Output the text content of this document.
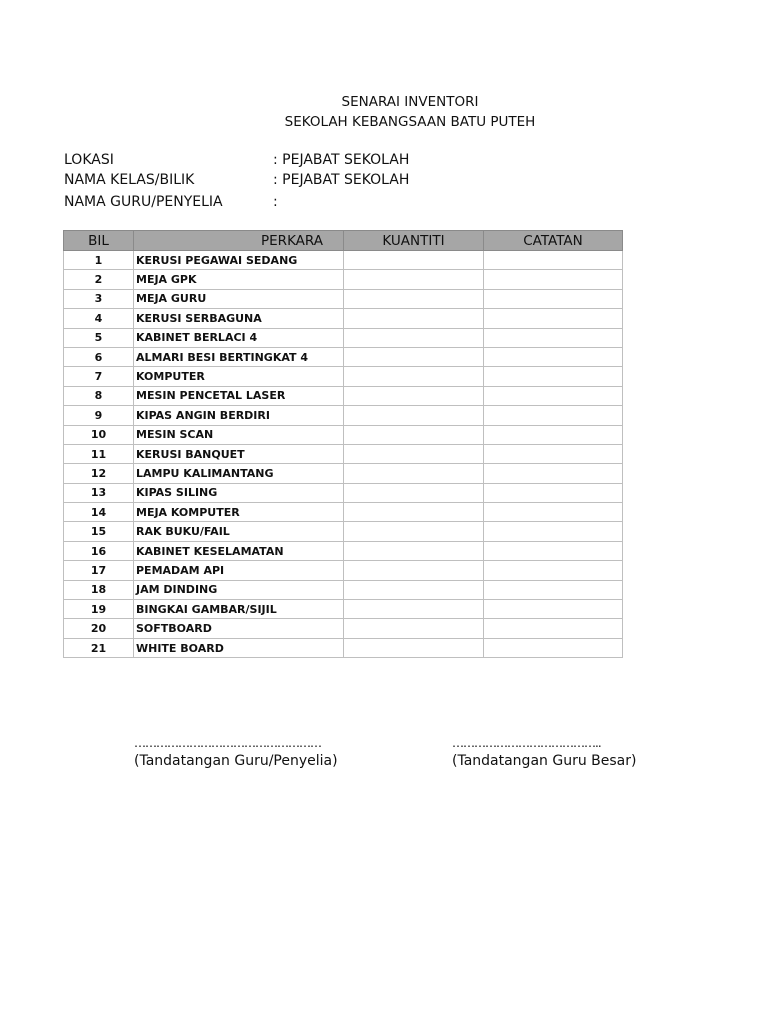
SENARAI INVENTORI
SEKOLAH KEBANGSAAN BATU PUTEH
LOKASI	: PEJABAT SEKOLAH
NAMA KELAS/BILIK	: PEJABAT SEKOLAH
NAMA GURU/PENYELIA	:
BIL	PERKARA	KUANTITI	CATATAN
1	KERUSI PEGAWAI SEDANG		
2	MEJA GPK		
3	MEJA GURU		
4	KERUSI SERBAGUNA		
5	KABINET BERLACI 4		
6	ALMARI BESI BERTINGKAT 4		
7	KOMPUTER		
8	MESIN PENCETAL LASER		
9	KIPAS ANGIN BERDIRI		
10	MESIN SCAN		
11	KERUSI BANQUET		
12	LAMPU KALIMANTANG		
13	KIPAS SILING		
14	MEJA KOMPUTER		
15	RAK BUKU/FAIL		
16	KABINET KESELAMATAN		
17	PEMADAM API		
18	JAM DINDING		
19	BINGKAI GAMBAR/SIJIL		
20	SOFTBOARD		
21	WHITE BOARD		
……………………………………………
(Tandatangan Guru/Penyelia)
…………………………………..
(Tandatangan Guru Besar)
